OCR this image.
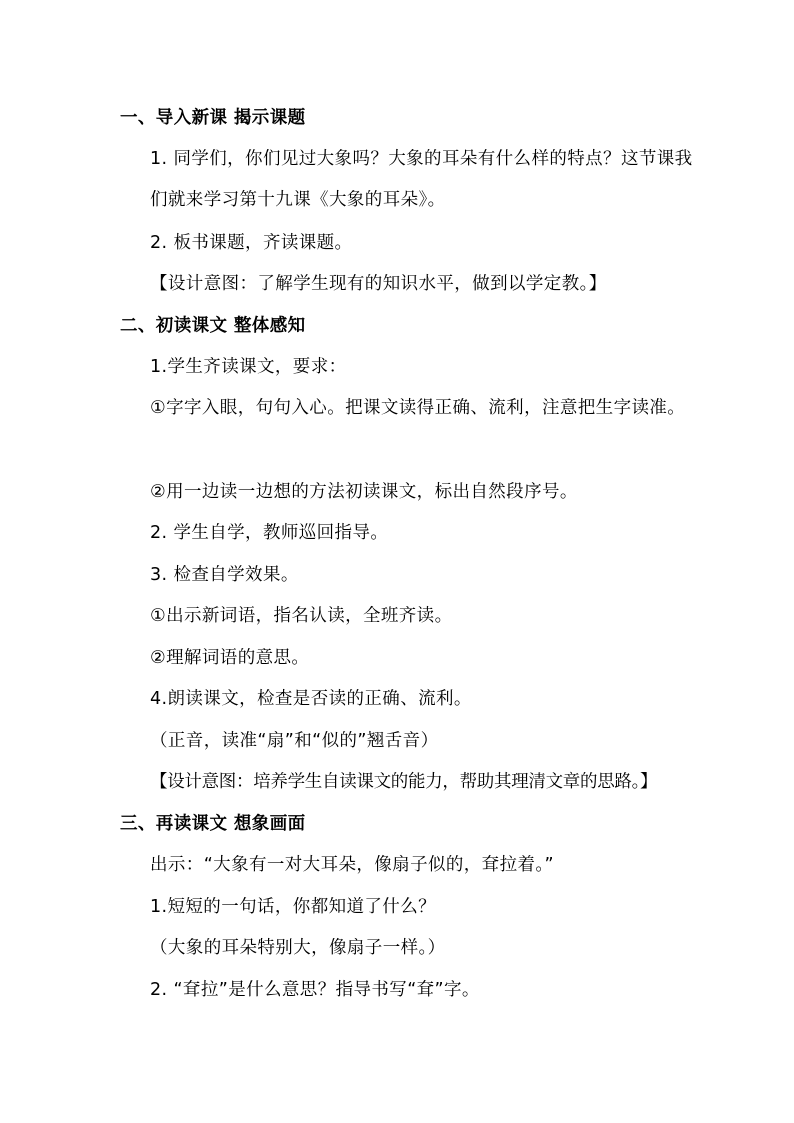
一、导入新课 揭示课题
1. 同学们，你们见过大象吗？大象的耳朵有什么样的特点？这节课我们就来学习第十九课《大象的耳朵》。
2. 板书课题，齐读课题。
【设计意图：了解学生现有的知识水平，做到以学定教。】
二、初读课文 整体感知
1.学生齐读课文，要求：
①字字入眼，句句入心。把课文读得正确、流利，注意把生字读准。
②用一边读一边想的方法初读课文，标出自然段序号。
2. 学生自学，教师巡回指导。
3. 检查自学效果。
①出示新词语，指名认读，全班齐读。
②理解词语的意思。
4.朗读课文，检查是否读的正确、流利。
（正音，读准“扇”和“似的”翘舌音）
【设计意图：培养学生自读课文的能力，帮助其理清文章的思路。】
三、再读课文 想象画面
出示：“大象有一对大耳朵，像扇子似的，耷拉着。”
1.短短的一句话，你都知道了什么？
（大象的耳朵特别大，像扇子一样。）
2. “耷拉”是什么意思？指导书写“耷”字。
